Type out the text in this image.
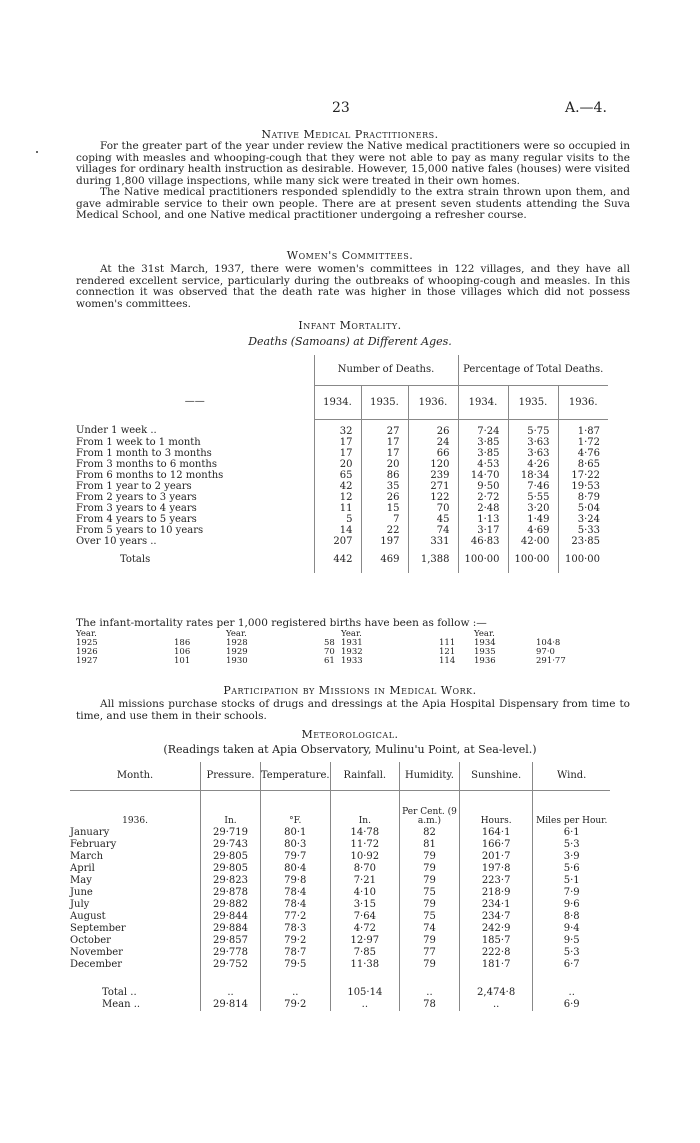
23	A.—4.
Native Medical Practitioners.

For the greater part of the year under review the Native medical practitioners were so occupied in coping with measles and whooping-cough that they were not able to pay as many regular visits to the villages for ordinary health instruction as desirable. However, 15,000 native fales (houses) were visited during 1,800 village inspections, while many sick were treated in their own homes.

The Native medical practitioners responded splendidly to the extra strain thrown upon them, and gave admirable service to their own people. There are at present seven students attending the Suva Medical School, and one Native medical practitioner undergoing a refresher course.

Women's Committees.

At the 31st March, 1937, there were women's committees in 122 villages, and they have all rendered excellent service, particularly during the outbreaks of whooping-cough and measles. In this connection it was observed that the death rate was higher in those villages which did not possess women's committees.

Infant Mortality.
Deaths (Samoans) at Different Ages.
——	Number of Deaths.			Percentage of Total Deaths.		
	1934.	1935.	1936.	1934.	1935.	1936.
Under 1 week ..	32	27	26	7·24	5·75	1·87
From 1 week to 1 month	17	17	24	3·85	3·63	1·72
From 1 month to 3 months	17	17	66	3·85	3·63	4·76
From 3 months to 6 months	20	20	120	4·53	4·26	8·65
From 6 months to 12 months	65	86	239	14·70	18·34	17·22
From 1 year to 2 years	42	35	271	9·50	7·46	19·53
From 2 years to 3 years	12	26	122	2·72	5·55	8·79
From 3 years to 4 years	11	15	70	2·48	3·20	5·04
From 4 years to 5 years	5	7	45	1·13	1·49	3·24
From 5 years to 10 years	14	22	74	3·17	4·69	5·33
Over 10 years ..	207	197	331	46·83	42·00	23·85
Totals	442	469	1,388	100·00	100·00	100·00
The infant-mortality rates per 1,000 registered births have been as follow :—
Year.
1925	186
1926	106
1927	101
Year.
1928	58
1929	70
1930	61
Year.
1931	111
1932	121
1933	114
Year.
1934	104·8
1935	97·0
1936	291·77
Participation by Missions in Medical Work.

All missions purchase stocks of drugs and dressings at the Apia Hospital Dispensary from time to time, and use them in their schools.

Meteorological.
(Readings taken at Apia Observatory, Mulinu'u Point, at Sea-level.)
Month.	Pressure.	Temperature.	Rainfall.	Humidity.	Sunshine.	Wind.
1936.	In.	°F.	In.	Per Cent. (9 a.m.)	Hours.	Miles per Hour.
January	29·719	80·1	14·78	82	164·1	6·1
February	29·743	80·3	11·72	81	166·7	5·3
March	29·805	79·7	10·92	79	201·7	3·9
April	29·805	80·4	8·70	79	197·8	5·6
May	29·823	79·8	7·21	79	223·7	5·1
June	29·878	78·4	4·10	75	218·9	7·9
July	29·882	78·4	3·15	79	234·1	9·6
August	29·844	77·2	7·64	75	234·7	8·8
September	29·884	78·3	4·72	74	242·9	9·4
October	29·857	79·2	12·97	79	185·7	9·5
November	29·778	78·7	7·85	77	222·8	5·3
December	29·752	79·5	11·38	79	181·7	6·7
Total ..	..	..	105·14	..	2,474·8	..
Mean ..	29·814	79·2	..	78	..	6·9
